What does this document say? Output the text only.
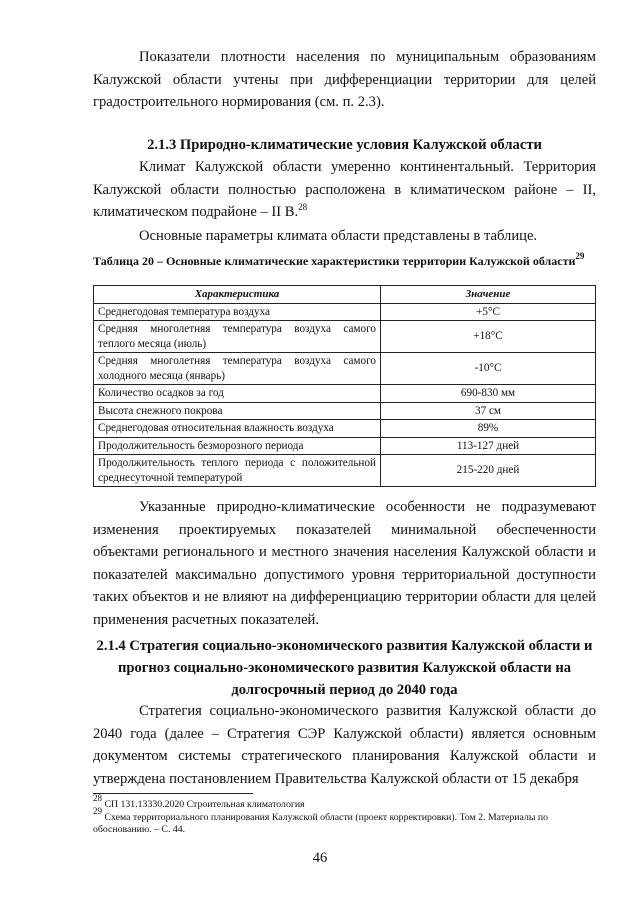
Показатели плотности населения по муниципальным образованиям Калужской области учтены при дифференциации территории для целей градостроительного нормирования (см. п. 2.3).

2.1.3 Природно-климатические условия Калужской области

Климат Калужской области умеренно континентальный. Территория Калужской области полностью расположена в климатическом районе – II, климатическом подрайоне – II В.$^{28}$

Основные параметры климата области представлены в таблице.

Таблица 20 – Основные климатические характеристики территории Калужской области$^{29}$

Характеристика	Значение
Среднегодовая температура воздуха	+5°C
Средняя многолетняя температура воздуха самого теплого месяца (июль)	+18°C
Средняя многолетняя температура воздуха самого холодного месяца (январь)	-10°C
Количество осадков за год	690-830 мм
Высота снежного покрова	37 см
Среднегодовая относительная влажность воздуха	89%
Продолжительность безморозного периода	113-127 дней
Продолжительность теплого периода с положительной среднесуточной температурой	215-220 дней

Указанные природно-климатические особенности не подразумевают изменения проектируемых показателей минимальной обеспеченности объектами регионального и местного значения населения Калужской области и показателей максимально допустимого уровня территориальной доступности таких объектов и не влияют на дифференциацию территории области для целей применения расчетных показателей.

2.1.4 Стратегия социально-экономического развития Калужской области и прогноз социально-экономического развития Калужской области на долгосрочный период до 2040 года

Стратегия социально-экономического развития Калужской области до 2040 года (далее – Стратегия СЭР Калужской области) является основным документом системы стратегического планирования Калужской области и утверждена постановлением Правительства Калужской области от 15 декабря

$^{28}$ СП 131.13330.2020 Строительная климатология

$^{29}$ Схема территориального планирования Калужской области (проект корректировки). Том 2. Материалы по обоснованию. – С. 44.

46
